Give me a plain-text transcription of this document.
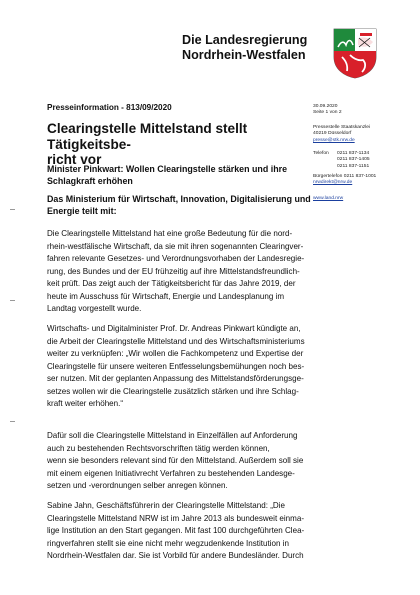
Die Landesregierung
Nordrhein-Westfalen
Presseinformation - 813/09/2020
Clearingstelle Mittelstand stellt Tätigkeitsbe-
richt vor
Minister Pinkwart: Wollen Clearingstelle stärken und ihre
Schlagkraft erhöhen
Das Ministerium für Wirtschaft, Innovation, Digitalisierung und
Energie teilt mit:
30.09.2020
Seite 1 von 2
Pressestelle Staatskanzlei
40219 Düsseldorf
presse@stk.nrw.de
Telefon 0211 837-1134
0211 837-1405
0211 837-1151
Bürgertelefon 0211 837-1001
nrwdirekt@nrw.de
www.land.nrw
Die Clearingstelle Mittelstand hat eine große Bedeutung für die nord-
rhein-westfälische Wirtschaft, da sie mit ihren sogenannten Clearingver-
fahren relevante Gesetzes- und Verordnungsvorhaben der Landesregie-
rung, des Bundes und der EU frühzeitig auf ihre Mittelstandsfreundlich-
keit prüft. Das zeigt auch der Tätigkeitsbericht für das Jahre 2019, der
heute im Ausschuss für Wirtschaft, Energie und Landesplanung im
Landtag vorgestellt wurde.
Wirtschafts- und Digitalminister Prof. Dr. Andreas Pinkwart kündigte an,
die Arbeit der Clearingstelle Mittelstand und des Wirtschaftsministeriums
weiter zu verknüpfen: „Wir wollen die Fachkompetenz und Expertise der
Clearingstelle für unsere weiteren Entfesselungsbemühungen noch bes-
ser nutzen. Mit der geplanten Anpassung des Mittelstandsförderungsge-
setzes wollen wir die Clearingstelle zusätzlich stärken und ihre Schlag-
kraft weiter erhöhen.“
Dafür soll die Clearingstelle Mittelstand in Einzelfällen auf Anforderung
auch zu bestehenden Rechtsvorschriften tätig werden können,
wenn sie besonders relevant sind für den Mittelstand. Außerdem soll sie
mit einem eigenen Initiativrecht Verfahren zu bestehenden Landesge-
setzen und -verordnungen selber anregen können.
Sabine Jahn, Geschäftsführerin der Clearingstelle Mittelstand: „Die
Clearingstelle Mittelstand NRW ist im Jahre 2013 als bundesweit einma-
lige Institution an den Start gegangen. Mit fast 100 durchgeführten Clea-
ringverfahren stellt sie eine nicht mehr wegzudenkende Institution in
Nordrhein-Westfalen dar. Sie ist Vorbild für andere Bundesländer. Durch
